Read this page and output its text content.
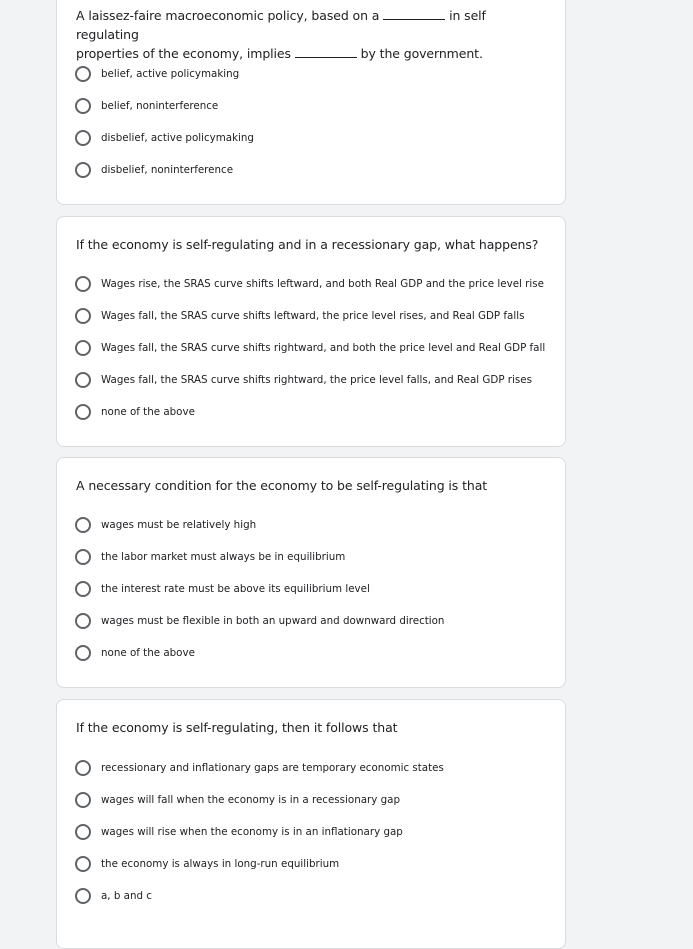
A laissez-faire macroeconomic policy, based on a	in self regulating
properties of the economy, implies	by the government.
belief, active policymaking
belief, noninterference
disbelief, active policymaking
disbelief, noninterference
If the economy is self-regulating and in a recessionary gap, what happens?
Wages rise, the SRAS curve shifts leftward, and both Real GDP and the price level rise
Wages fall, the SRAS curve shifts leftward, the price level rises, and Real GDP falls
Wages fall, the SRAS curve shifts rightward, and both the price level and Real GDP fall
Wages fall, the SRAS curve shifts rightward, the price level falls, and Real GDP rises
none of the above
A necessary condition for the economy to be self-regulating is that
wages must be relatively high
the labor market must always be in equilibrium
the interest rate must be above its equilibrium level
wages must be flexible in both an upward and downward direction
none of the above
If the economy is self-regulating, then it follows that
recessionary and inflationary gaps are temporary economic states
wages will fall when the economy is in a recessionary gap
wages will rise when the economy is in an inflationary gap
the economy is always in long-run equilibrium
a, b and c
